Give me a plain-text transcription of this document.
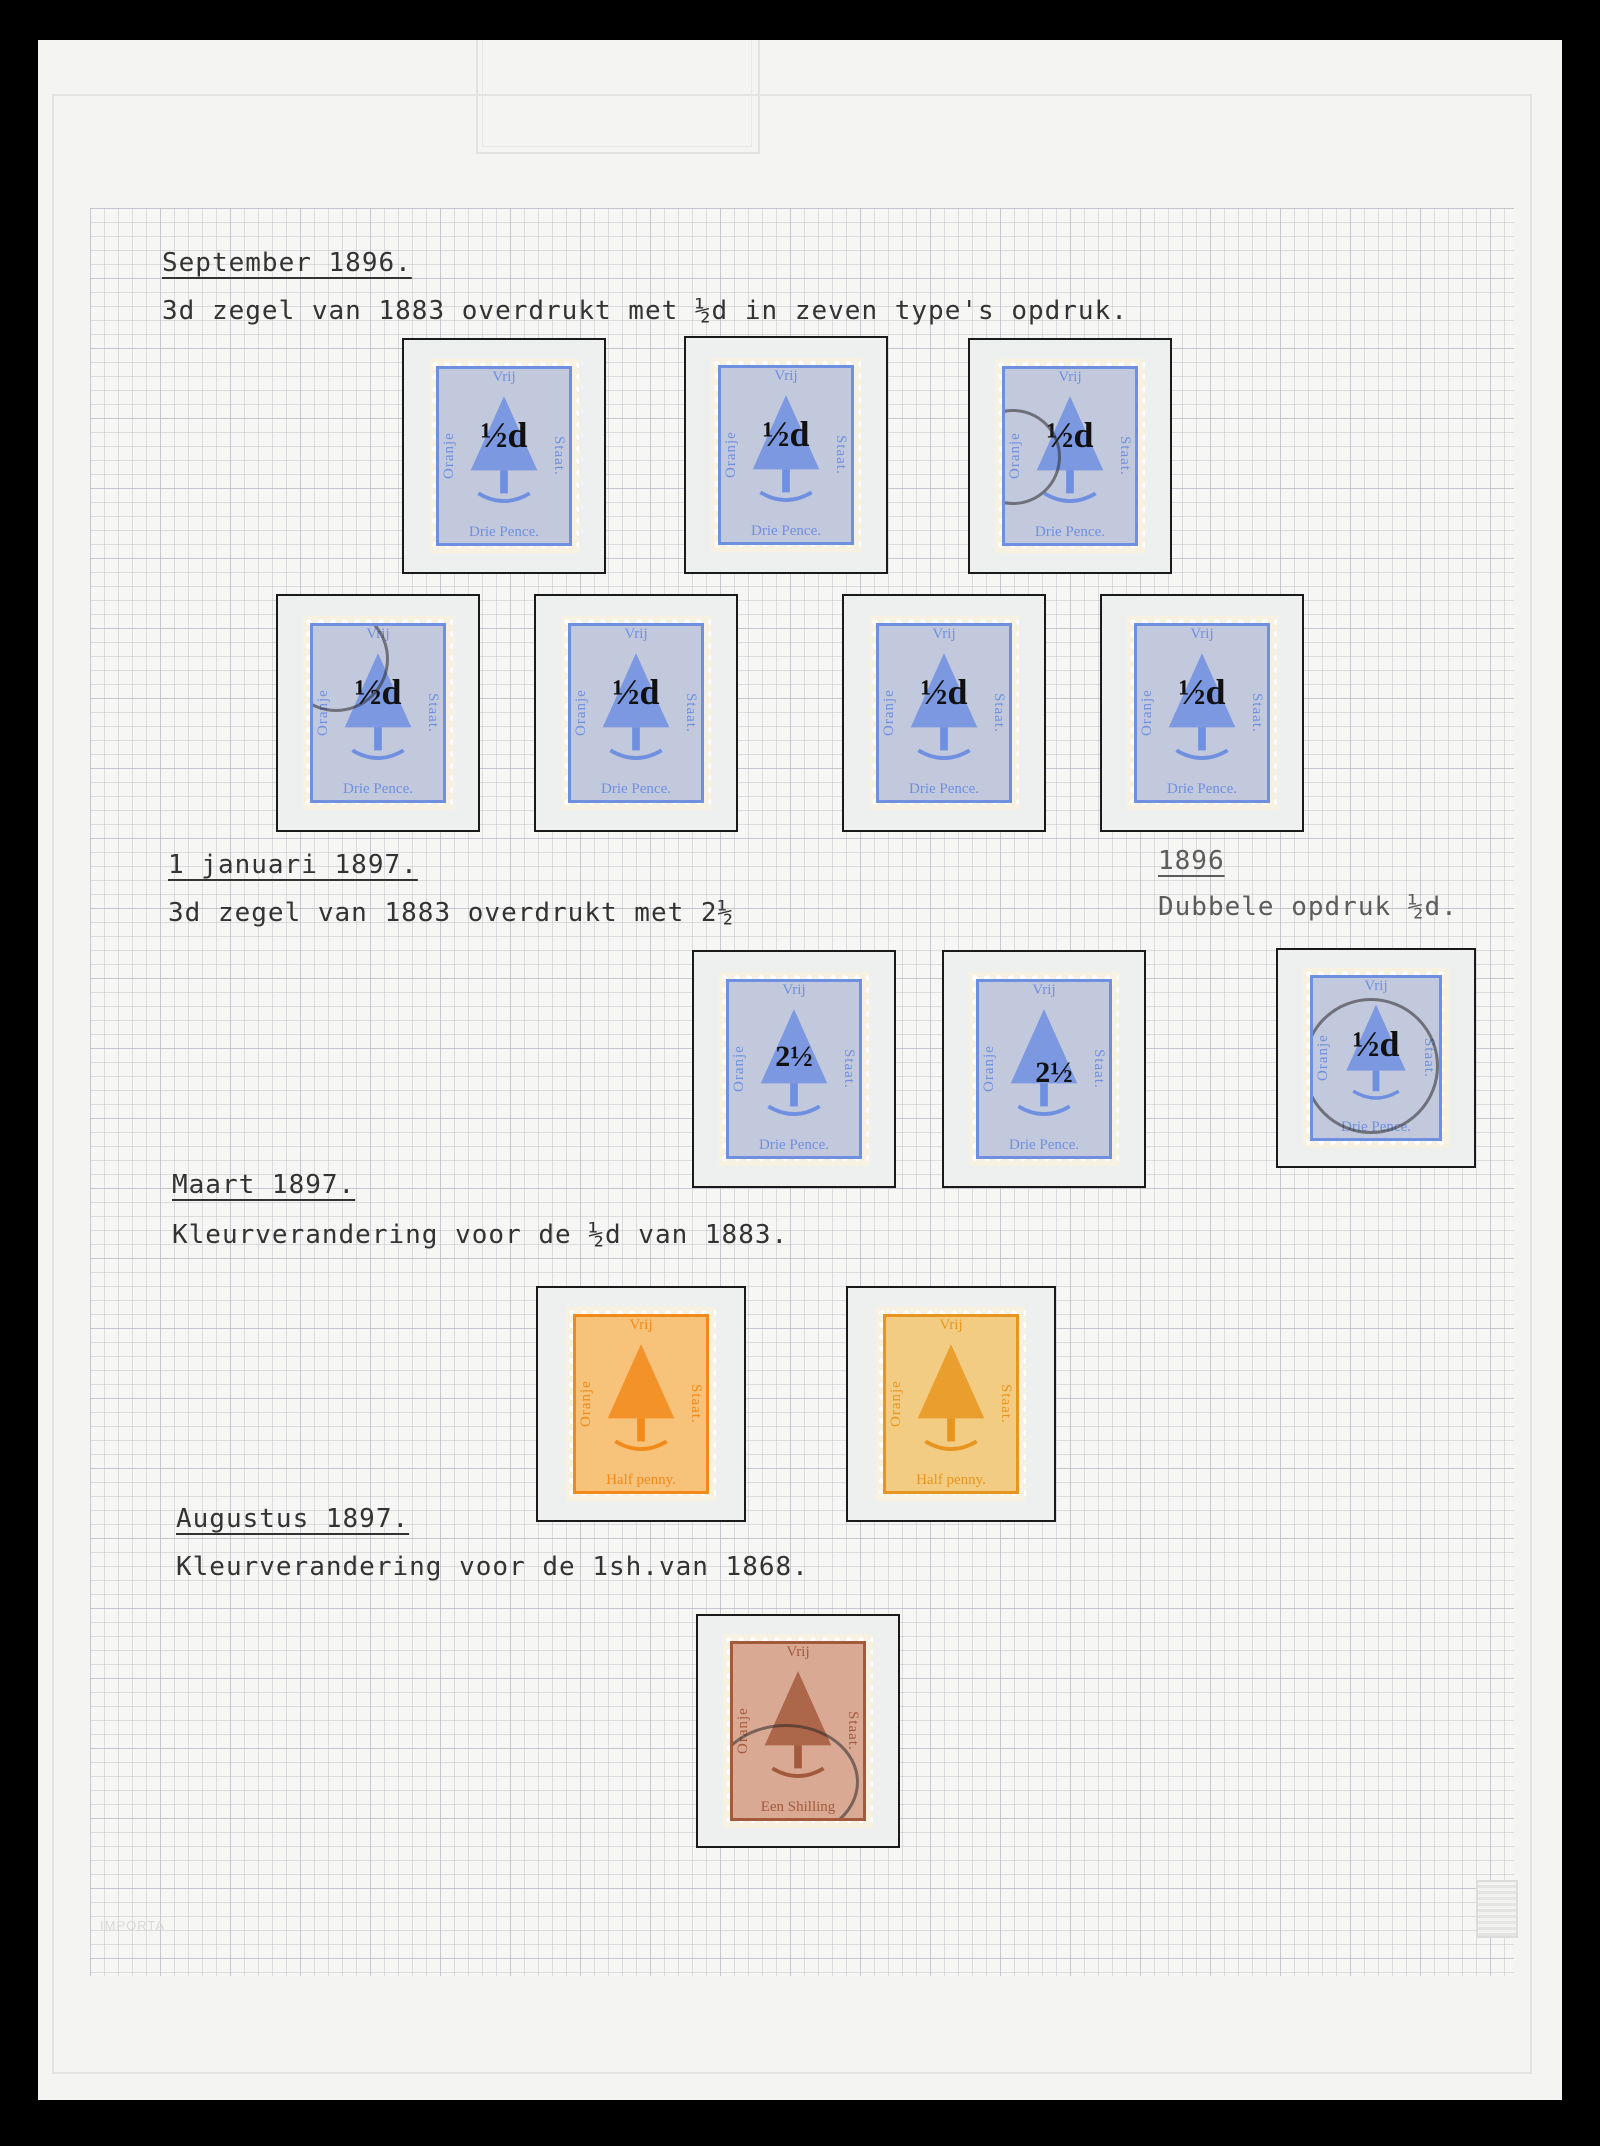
September 1896.
3d zegel van 1883 overdrukt met ½d in zeven type's opdruk.
Vrij
Oranje	Staat.
½d
Drie Pence.
Vrij
Oranje	Staat.
½d
Drie Pence.
Vrij
Oranje	Staat.
½d
Drie Pence.
Vrij
Oranje	Staat.
½d
Drie Pence.
Vrij
Oranje	Staat.
½d
Drie Pence.
Vrij
Oranje	Staat.
½d
Drie Pence.
Vrij
Oranje	Staat.
½d
Drie Pence.
1 januari 1897.
3d zegel van 1883 overdrukt met 2½
1896
Dubbele opdruk ½d.
Vrij
Oranje	Staat.
2½
Drie Pence.
Vrij
Oranje	Staat.
2½
Drie Pence.
Vrij
Oranje	Staat.
½d
Drie Pence.
Maart 1897.
Kleurverandering voor de ½d van 1883.
Vrij
Oranje	Staat.
Half penny.
Vrij
Oranje	Staat.
Half penny.
Augustus 1897.
Kleurverandering voor de 1sh.van 1868.
Vrij
Oranje	Staat.
Een Shilling
IMPORTA
